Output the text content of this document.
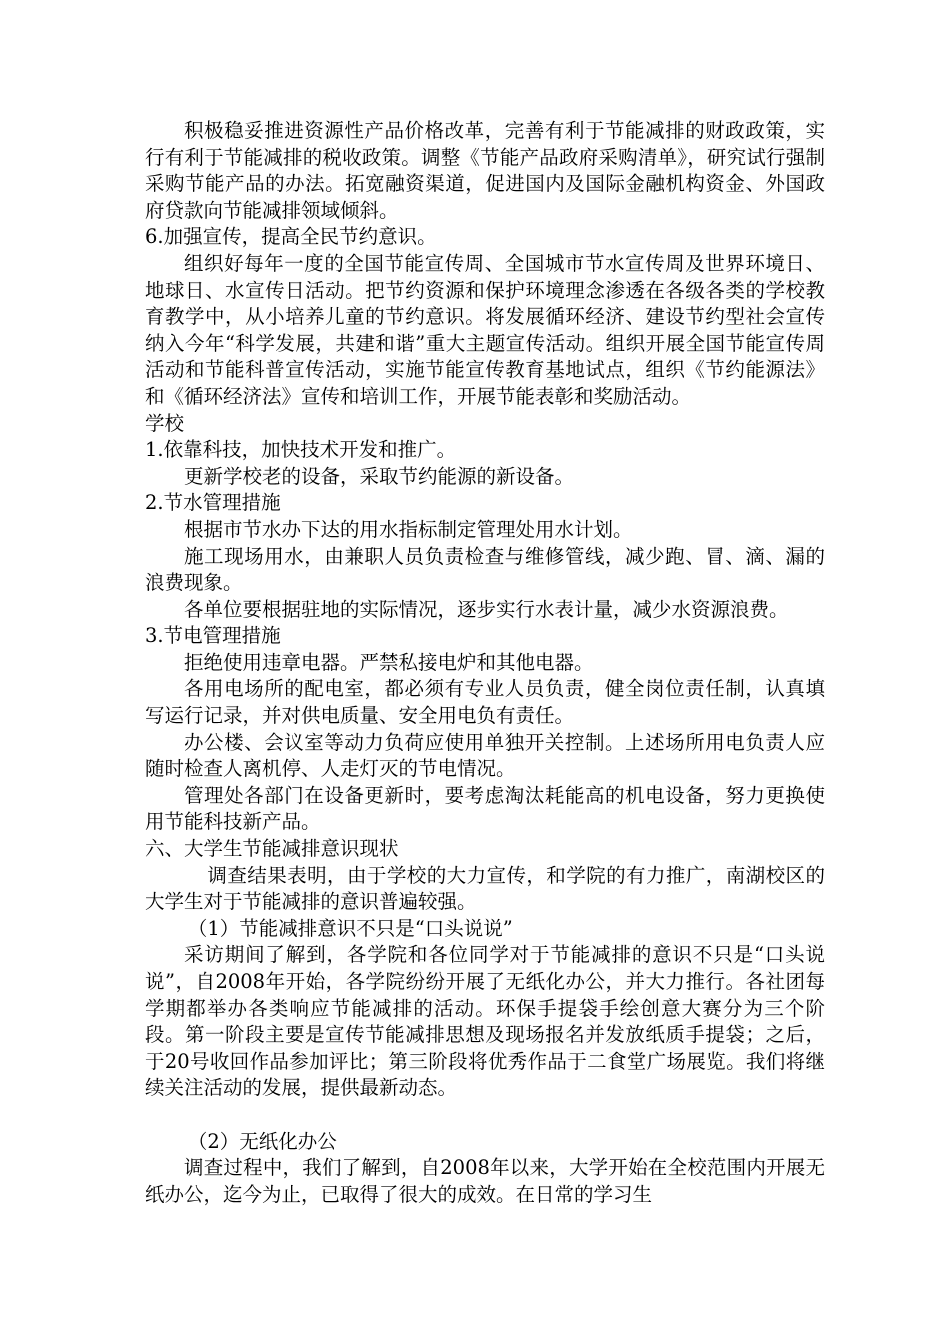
积极稳妥推进资源性产品价格改革，完善有利于节能减排的财政政策，实行有利于节能减排的税收政策。调整《节能产品政府采购清单》，研究试行强制采购节能产品的办法。拓宽融资渠道，促进国内及国际金融机构资金、外国政府贷款向节能减排领域倾斜。

6.加强宣传，提高全民节约意识。

组织好每年一度的全国节能宣传周、全国城市节水宣传周及世界环境日、地球日、水宣传日活动。把节约资源和保护环境理念渗透在各级各类的学校教育教学中，从小培养儿童的节约意识。将发展循环经济、建设节约型社会宣传纳入今年“科学发展，共建和谐”重大主题宣传活动。组织开展全国节能宣传周活动和节能科普宣传活动，实施节能宣传教育基地试点，组织《节约能源法》和《循环经济法》宣传和培训工作，开展节能表彰和奖励活动。

学校

1.依靠科技，加快技术开发和推广。

更新学校老的设备，采取节约能源的新设备。

2.节水管理措施

根据市节水办下达的用水指标制定管理处用水计划。

施工现场用水，由兼职人员负责检查与维修管线，减少跑、冒、滴、漏的浪费现象。

各单位要根据驻地的实际情况，逐步实行水表计量，减少水资源浪费。

3.节电管理措施

拒绝使用违章电器。严禁私接电炉和其他电器。

各用电场所的配电室，都必须有专业人员负责，健全岗位责任制，认真填写运行记录，并对供电质量、安全用电负有责任。

办公楼、会议室等动力负荷应使用单独开关控制。上述场所用电负责人应随时检查人离机停、人走灯灭的节电情况。

管理处各部门在设备更新时，要考虑淘汰耗能高的机电设备，努力更换使用节能科技新产品。

六、大学生节能减排意识现状

调查结果表明，由于学校的大力宣传，和学院的有力推广，南湖校区的大学生对于节能减排的意识普遍较强。

（1）节能减排意识不只是“口头说说”

采访期间了解到，各学院和各位同学对于节能减排的意识不只是“口头说说”，自2008年开始，各学院纷纷开展了无纸化办公，并大力推行。各社团每学期都举办各类响应节能减排的活动。环保手提袋手绘创意大赛分为三个阶段。第一阶段主要是宣传节能减排思想及现场报名并发放纸质手提袋；之后，于20号收回作品参加评比；第三阶段将优秀作品于二食堂广场展览。我们将继续关注活动的发展，提供最新动态。

（2）无纸化办公

调查过程中，我们了解到，自2008年以来，大学开始在全校范围内开展无纸办公，迄今为止，已取得了很大的成效。在日常的学习生
